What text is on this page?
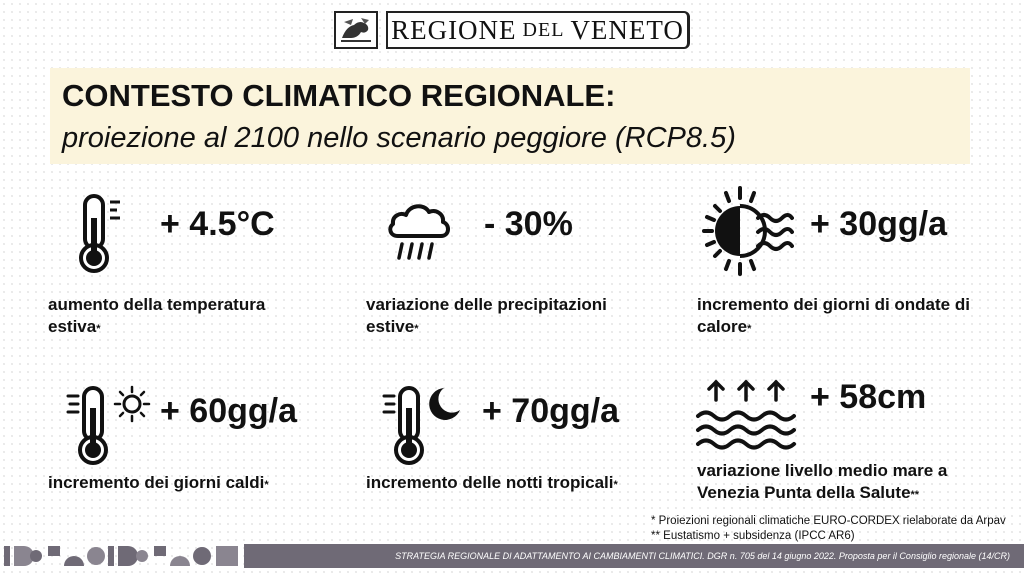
REGIONE DEL VENETO
CONTESTO CLIMATICO REGIONALE:
proiezione al 2100 nello scenario peggiore (RCP8.5)
+ 4.5°C
aumento della temperatura
estiva*
- 30%
variazione delle precipitazioni
estive*
+ 30gg/a
incremento dei giorni di ondate di
calore*
+ 60gg/a
incremento dei giorni caldi*
+ 70gg/a
incremento delle notti tropicali*
+ 58cm
variazione livello medio mare a
Venezia Punta della Salute**
* Proiezioni regionali climatiche EURO-CORDEX rielaborate da Arpav
** Eustatismo + subsidenza (IPCC AR6)
STRATEGIA REGIONALE DI ADATTAMENTO AI CAMBIAMENTI CLIMATICI. DGR n. 705 del 14 giugno 2022. Proposta per il Consiglio regionale (14/CR)
